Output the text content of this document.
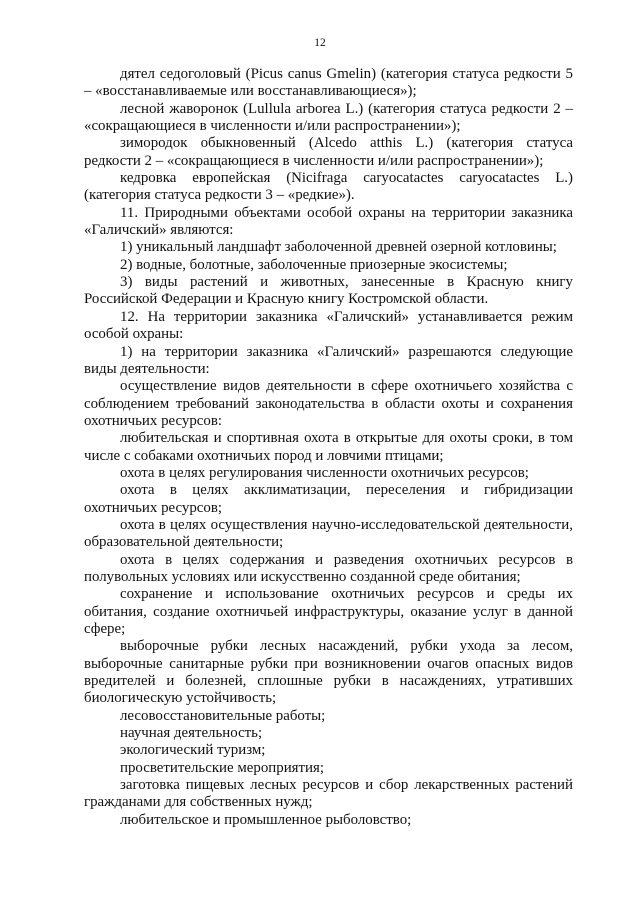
12

дятел седоголовый (Picus canus Gmelin) (категория статуса редкости 5 – «восстанавливаемые или восстанавливающиеся»);

лесной жаворонок (Lullula arborea L.) (категория статуса редкости 2 – «сокращающиеся в численности и/или распространении»);

зимородок обыкновенный (Alcedo atthis L.) (категория статуса редкости 2 – «сокращающиеся в численности и/или распространении»);

кедровка европейская (Nicifraga caryocatactes caryocatactes L.) (категория статуса редкости 3 – «редкие»).

11. Природными объектами особой охраны на территории заказника «Галичский» являются:

1) уникальный ландшафт заболоченной древней озерной котловины;

2) водные, болотные, заболоченные приозерные экосистемы;

3) виды растений и животных, занесенные в Красную книгу Российской Федерации и Красную книгу Костромской области.

12. На территории заказника «Галичский» устанавливается режим особой охраны:

1) на территории заказника «Галичский» разрешаются следующие виды деятельности:

осуществление видов деятельности в сфере охотничьего хозяйства с соблюдением требований законодательства в области охоты и сохранения охотничьих ресурсов:

любительская и спортивная охота в открытые для охоты сроки, в том числе с собаками охотничьих пород и ловчими птицами;

охота в целях регулирования численности охотничьих ресурсов;

охота в целях акклиматизации, переселения и гибридизации охотничьих ресурсов;

охота в целях осуществления научно-исследовательской деятельности, образовательной деятельности;

охота в целях содержания и разведения охотничьих ресурсов в полувольных условиях или искусственно созданной среде обитания;

сохранение и использование охотничьих ресурсов и среды их обитания, создание охотничьей инфраструктуры, оказание услуг в данной сфере;

выборочные рубки лесных насаждений, рубки ухода за лесом, выборочные санитарные рубки при возникновении очагов опасных видов вредителей и болезней, сплошные рубки в насаждениях, утративших биологическую устойчивость;

лесовосстановительные работы;

научная деятельность;

экологический туризм;

просветительские мероприятия;

заготовка пищевых лесных ресурсов и сбор лекарственных растений гражданами для собственных нужд;

любительское и промышленное рыболовство;
